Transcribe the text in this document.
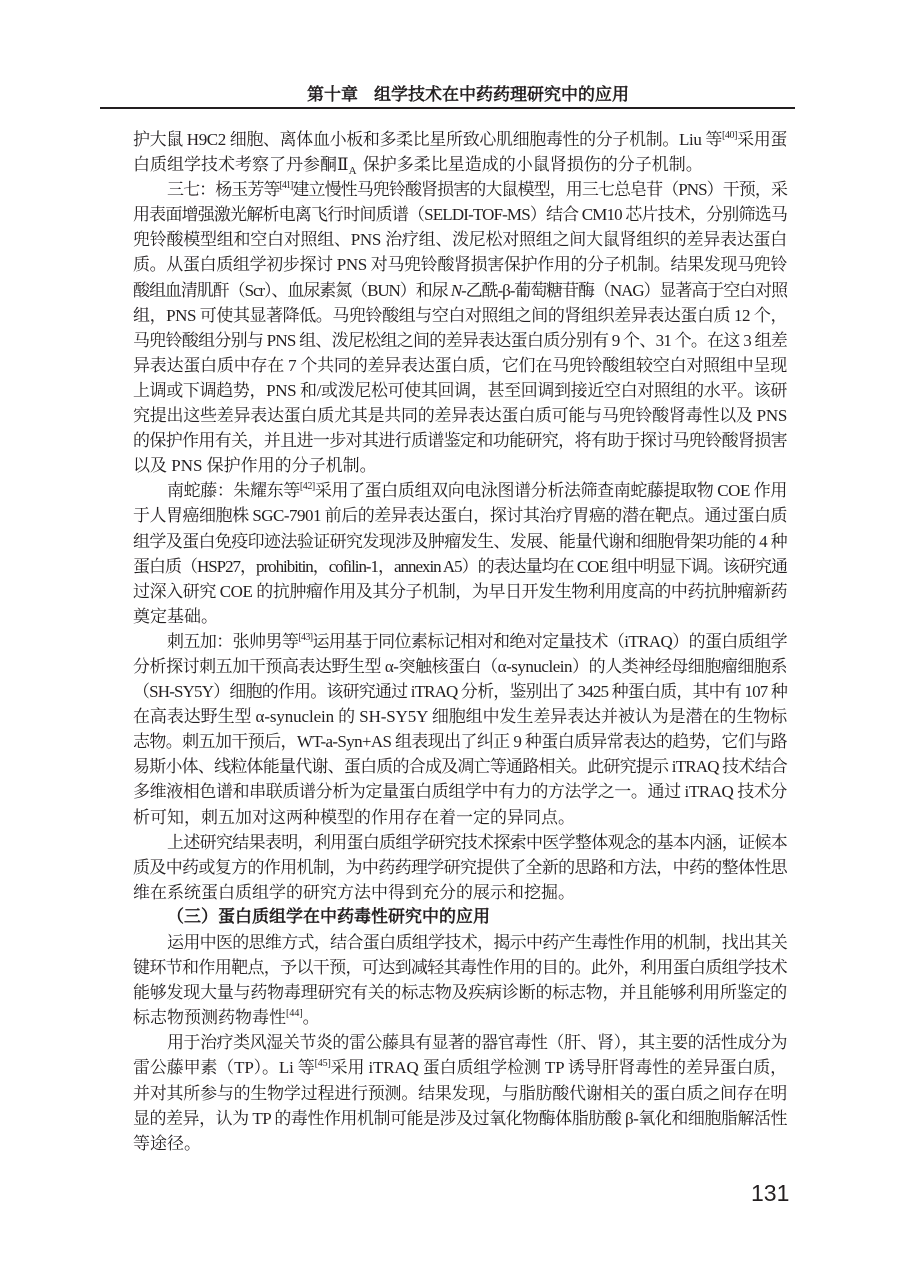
第十章 组学技术在中药药理研究中的应用
护大鼠 H9C2 细胞、离体血小板和多柔比星所致心肌细胞毒性的分子机制。Liu 等[40]采用蛋
白质组学技术考察了丹参酮$Ⅱ_A$ 保护多柔比星造成的小鼠肾损伤的分子机制。
三七：杨玉芳等[41]建立慢性马兜铃酸肾损害的大鼠模型，用三七总皂苷（PNS）干预，采
用表面增强激光解析电离飞行时间质谱（SELDI-TOF-MS）结合 CM10 芯片技术，分别筛选马
兜铃酸模型组和空白对照组、PNS 治疗组、泼尼松对照组之间大鼠肾组织的差异表达蛋白
质。从蛋白质组学初步探讨 PNS 对马兜铃酸肾损害保护作用的分子机制。结果发现马兜铃
酸组血清肌酐（Scr）、血尿素氮（BUN）和尿 N-乙酰-β-葡萄糖苷酶（NAG）显著高于空白对照
组，PNS 可使其显著降低。马兜铃酸组与空白对照组之间的肾组织差异表达蛋白质 12 个，
马兜铃酸组分别与 PNS 组、泼尼松组之间的差异表达蛋白质分别有 9 个、31 个。在这 3 组差
异表达蛋白质中存在 7 个共同的差异表达蛋白质，它们在马兜铃酸组较空白对照组中呈现
上调或下调趋势，PNS 和/或泼尼松可使其回调，甚至回调到接近空白对照组的水平。该研
究提出这些差异表达蛋白质尤其是共同的差异表达蛋白质可能与马兜铃酸肾毒性以及 PNS
的保护作用有关，并且进一步对其进行质谱鉴定和功能研究，将有助于探讨马兜铃酸肾损害
以及 PNS 保护作用的分子机制。
南蛇藤：朱耀东等[42]采用了蛋白质组双向电泳图谱分析法筛查南蛇藤提取物 COE 作用
于人胃癌细胞株 SGC-7901 前后的差异表达蛋白，探讨其治疗胃癌的潜在靶点。通过蛋白质
组学及蛋白免疫印迹法验证研究发现涉及肿瘤发生、发展、能量代谢和细胞骨架功能的 4 种
蛋白质（HSP27，prohibitin，cofilin-1，annexin A5）的表达量均在 COE 组中明显下调。该研究通
过深入研究 COE 的抗肿瘤作用及其分子机制，为早日开发生物利用度高的中药抗肿瘤新药
奠定基础。
刺五加：张帅男等[43]运用基于同位素标记相对和绝对定量技术（iTRAQ）的蛋白质组学
分析探讨刺五加干预高表达野生型 α-突触核蛋白（α-synuclein）的人类神经母细胞瘤细胞系
（SH-SY5Y）细胞的作用。该研究通过 iTRAQ 分析，鉴别出了 3425 种蛋白质，其中有 107 种
在高表达野生型 α-synuclein 的 SH-SY5Y 细胞组中发生差异表达并被认为是潜在的生物标
志物。刺五加干预后，WT-a-Syn+AS 组表现出了纠正 9 种蛋白质异常表达的趋势，它们与路
易斯小体、线粒体能量代谢、蛋白质的合成及凋亡等通路相关。此研究提示 iTRAQ 技术结合
多维液相色谱和串联质谱分析为定量蛋白质组学中有力的方法学之一。通过 iTRAQ 技术分
析可知，刺五加对这两种模型的作用存在着一定的异同点。
上述研究结果表明，利用蛋白质组学研究技术探索中医学整体观念的基本内涵，证候本
质及中药或复方的作用机制，为中药药理学研究提供了全新的思路和方法，中药的整体性思
维在系统蛋白质组学的研究方法中得到充分的展示和挖掘。
（三）蛋白质组学在中药毒性研究中的应用
运用中医的思维方式，结合蛋白质组学技术，揭示中药产生毒性作用的机制，找出其关
键环节和作用靶点，予以干预，可达到减轻其毒性作用的目的。此外，利用蛋白质组学技术
能够发现大量与药物毒理研究有关的标志物及疾病诊断的标志物，并且能够利用所鉴定的
标志物预测药物毒性[44]。
用于治疗类风湿关节炎的雷公藤具有显著的器官毒性（肝、肾），其主要的活性成分为
雷公藤甲素（TP）。Li 等[45]采用 iTRAQ 蛋白质组学检测 TP 诱导肝肾毒性的差异蛋白质，
并对其所参与的生物学过程进行预测。结果发现，与脂肪酸代谢相关的蛋白质之间存在明
显的差异，认为 TP 的毒性作用机制可能是涉及过氧化物酶体脂肪酸 β-氧化和细胞脂解活性
等途径。
131
